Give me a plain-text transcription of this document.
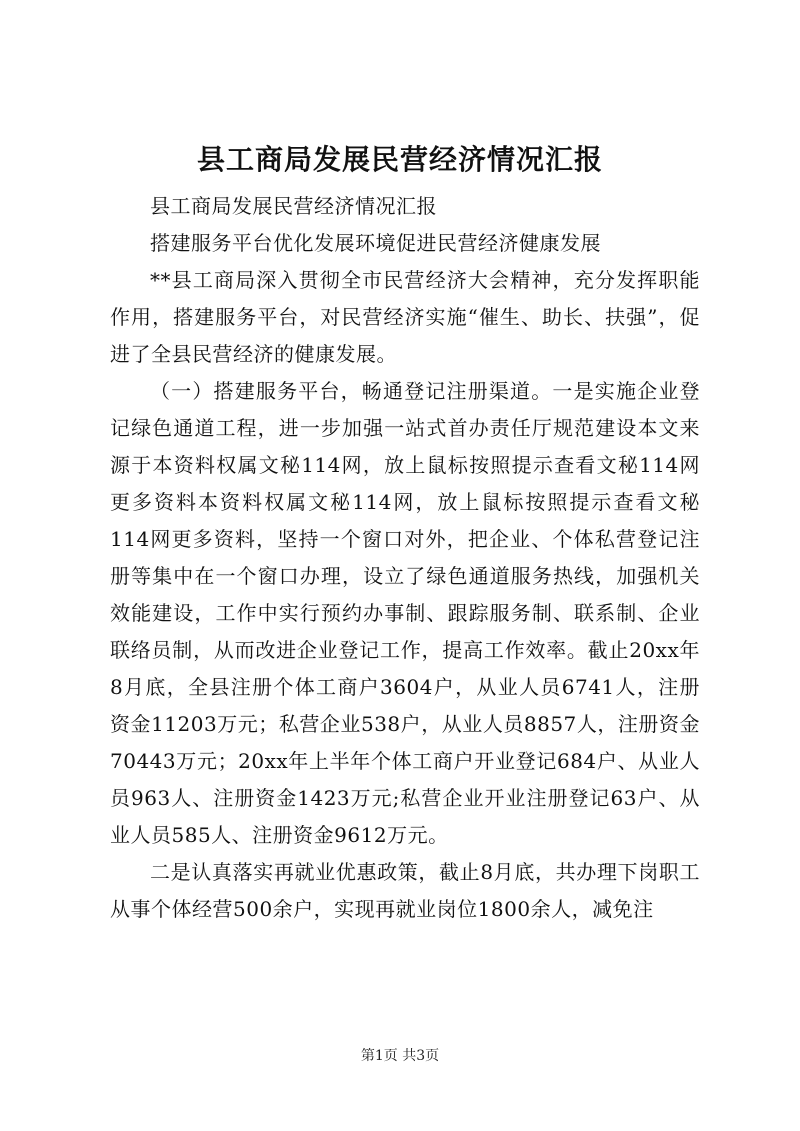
县工商局发展民营经济情况汇报

县工商局发展民营经济情况汇报

搭建服务平台优化发展环境促进民营经济健康发展

**县工商局深入贯彻全市民营经济大会精神，充分发挥职能作用，搭建服务平台，对民营经济实施“催生、助长、扶强”，促进了全县民营经济的健康发展。

（一）搭建服务平台，畅通登记注册渠道。一是实施企业登记绿色通道工程，进一步加强一站式首办责任厅规范建设本文来源于本资料权属文秘114网，放上鼠标按照提示查看文秘114网更多资料本资料权属文秘114网，放上鼠标按照提示查看文秘114网更多资料，坚持一个窗口对外，把企业、个体私营登记注册等集中在一个窗口办理，设立了绿色通道服务热线，加强机关效能建设，工作中实行预约办事制、跟踪服务制、联系制、企业联络员制，从而改进企业登记工作，提高工作效率。截止20xx年8月底，全县注册个体工商户3604户，从业人员6741人，注册资金11203万元；私营企业538户，从业人员8857人，注册资金70443万元；20xx年上半年个体工商户开业登记684户、从业人员963人、注册资金1423万元;私营企业开业注册登记63户、从业人员585人、注册资金9612万元。

二是认真落实再就业优惠政策，截止8月底，共办理下岗职工从事个体经营500余户，实现再就业岗位1800余人，减免注

第1页 共3页
